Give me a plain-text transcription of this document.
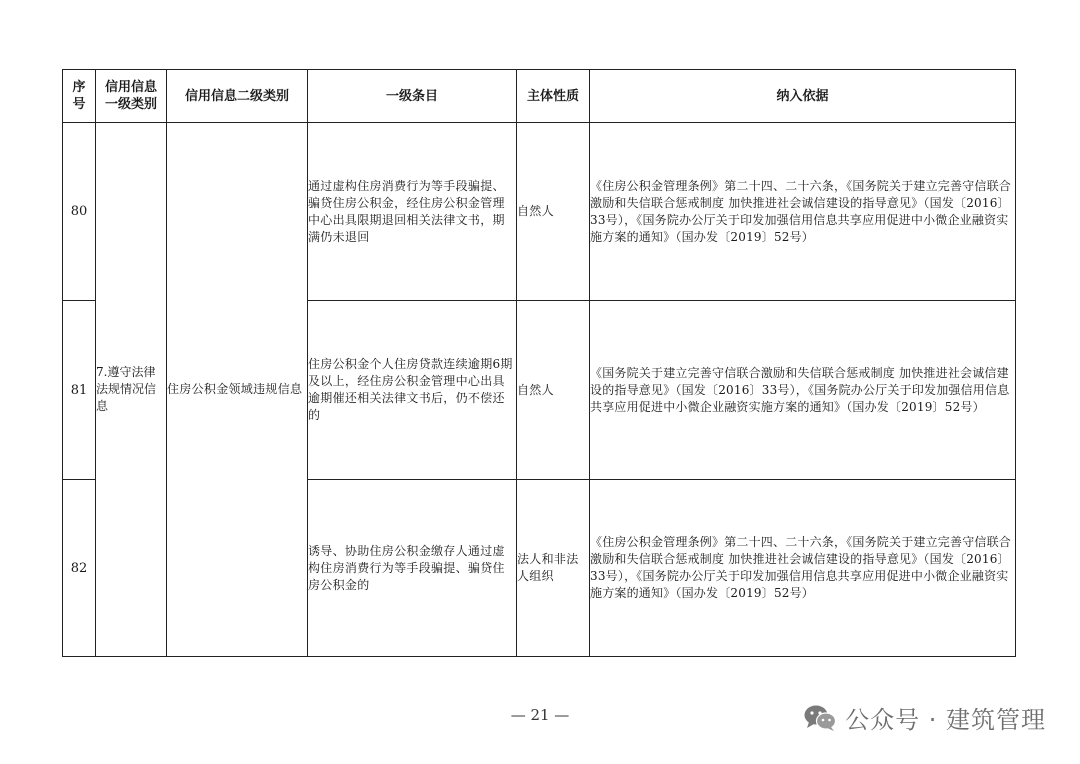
序号	信用信息一级类别	信用信息二级类别	一级条目	主体性质	纳入依据
80	7.遵守法律法规情况信息	住房公积金领域违规信息	通过虚构住房消费行为等手段骗提、骗贷住房公积金，经住房公积金管理中心出具限期退回相关法律文书，期满仍未退回	自然人	《住房公积金管理条例》第二十四、二十六条，《国务院关于建立完善守信联合激励和失信联合惩戒制度 加快推进社会诚信建设的指导意见》（国发〔2016〕33号），《国务院办公厅关于印发加强信用信息共享应用促进中小微企业融资实施方案的通知》（国办发〔2019〕52号）
81			住房公积金个人住房贷款连续逾期6期及以上，经住房公积金管理中心出具逾期催还相关法律文书后，仍不偿还的	自然人	《国务院关于建立完善守信联合激励和失信联合惩戒制度 加快推进社会诚信建设的指导意见》（国发〔2016〕33号），《国务院办公厅关于印发加强信用信息共享应用促进中小微企业融资实施方案的通知》（国办发〔2019〕52号）
82			诱导、协助住房公积金缴存人通过虚构住房消费行为等手段骗提、骗贷住房公积金的	法人和非法人组织	《住房公积金管理条例》第二十四、二十六条，《国务院关于建立完善守信联合激励和失信联合惩戒制度 加快推进社会诚信建设的指导意见》（国发〔2016〕33号），《国务院办公厅关于印发加强信用信息共享应用促进中小微企业融资实施方案的通知》（国办发〔2019〕52号）
— 21 —	公众号 · 建筑管理
